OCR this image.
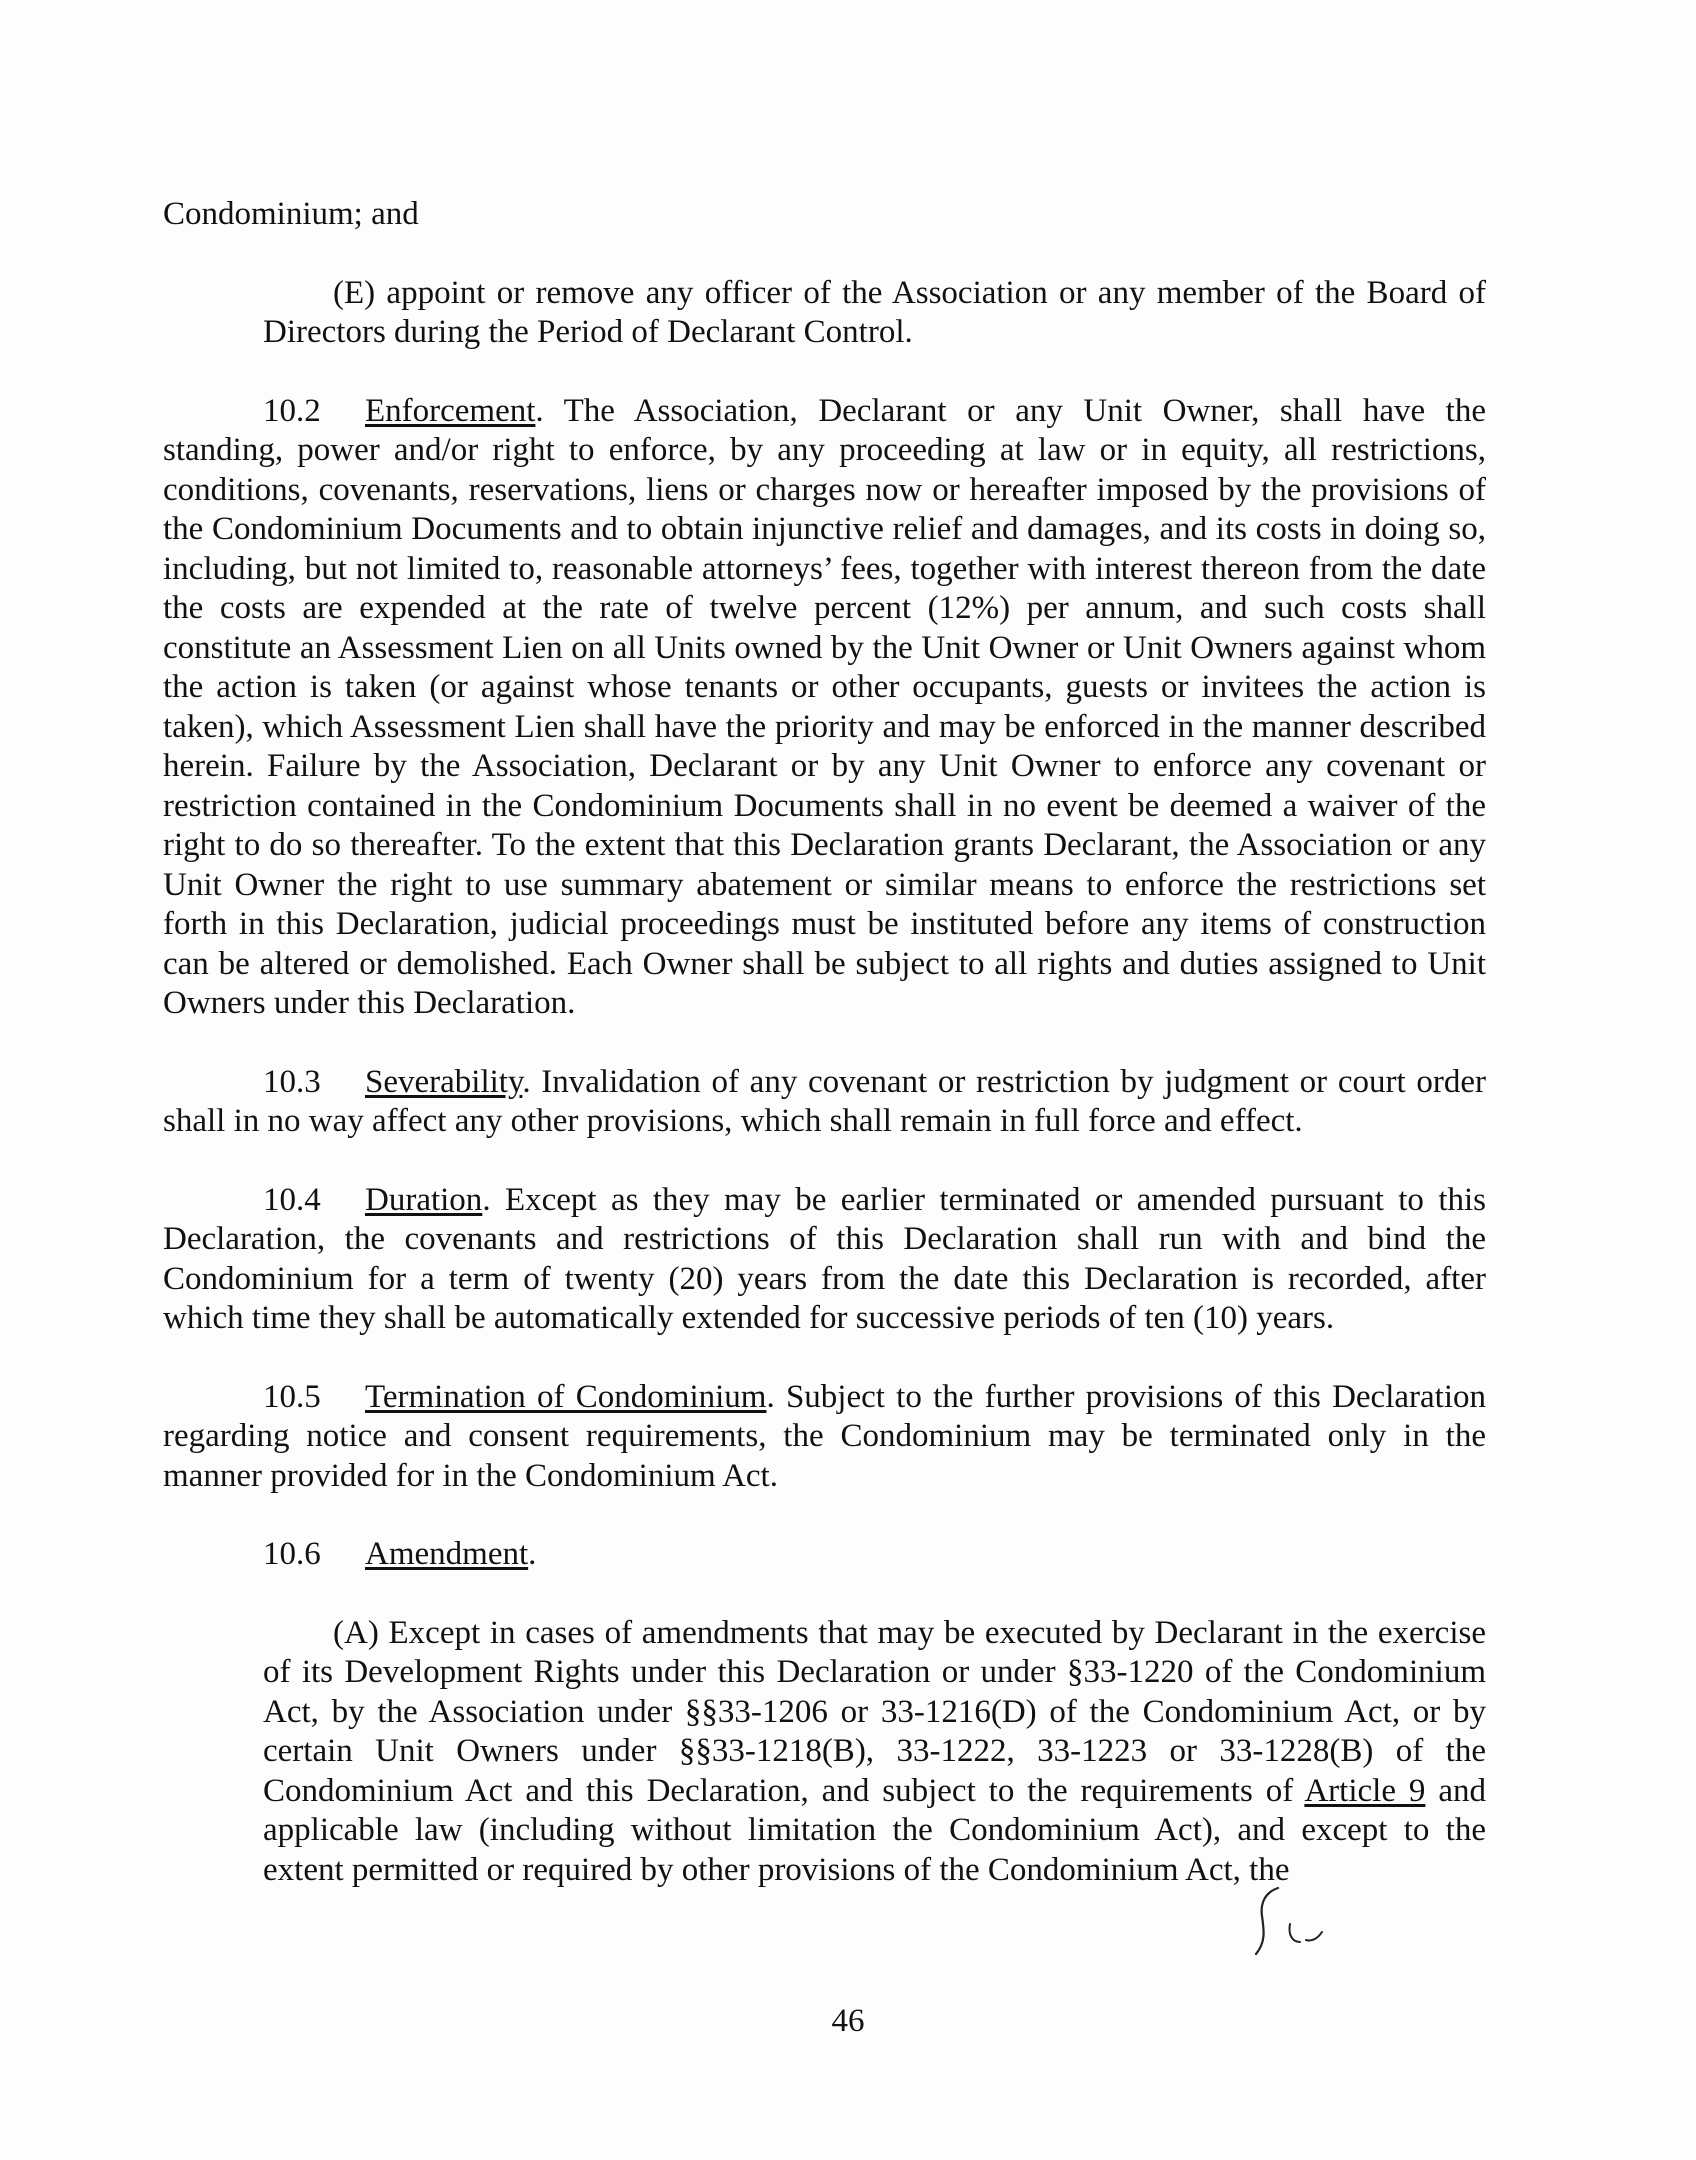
Condominium; and

(E) appoint or remove any officer of the Association or any member of the Board of Directors during the Period of Declarant Control.

10.2 Enforcement. The Association, Declarant or any Unit Owner, shall have the standing, power and/or right to enforce, by any proceeding at law or in equity, all restrictions, conditions, covenants, reservations, liens or charges now or hereafter imposed by the provisions of the Condominium Documents and to obtain injunctive relief and damages, and its costs in doing so, including, but not limited to, reasonable attorneys’ fees, together with interest thereon from the date the costs are expended at the rate of twelve percent (12%) per annum, and such costs shall constitute an Assessment Lien on all Units owned by the Unit Owner or Unit Owners against whom the action is taken (or against whose tenants or other occupants, guests or invitees the action is taken), which Assessment Lien shall have the priority and may be enforced in the manner described herein. Failure by the Association, Declarant or by any Unit Owner to enforce any covenant or restriction contained in the Condominium Documents shall in no event be deemed a waiver of the right to do so thereafter. To the extent that this Declaration grants Declarant, the Association or any Unit Owner the right to use summary abatement or similar means to enforce the restrictions set forth in this Declaration, judicial proceedings must be instituted before any items of construction can be altered or demolished. Each Owner shall be subject to all rights and duties assigned to Unit Owners under this Declaration.

10.3 Severability. Invalidation of any covenant or restriction by judgment or court order shall in no way affect any other provisions, which shall remain in full force and effect.

10.4 Duration. Except as they may be earlier terminated or amended pursuant to this Declaration, the covenants and restrictions of this Declaration shall run with and bind the Condominium for a term of twenty (20) years from the date this Declaration is recorded, after which time they shall be automatically extended for successive periods of ten (10) years.

10.5 Termination of Condominium. Subject to the further provisions of this Declaration regarding notice and consent requirements, the Condominium may be terminated only in the manner provided for in the Condominium Act.

10.6 Amendment.

(A) Except in cases of amendments that may be executed by Declarant in the exercise of its Development Rights under this Declaration or under §33-1220 of the Condominium Act, by the Association under §§33-1206 or 33-1216(D) of the Condominium Act, or by certain Unit Owners under §§33-1218(B), 33-1222, 33-1223 or 33-1228(B) of the Condominium Act and this Declaration, and subject to the requirements of Article 9 and applicable law (including without limitation the Condominium Act), and except to the extent permitted or required by other provisions of the Condominium Act, the

46
